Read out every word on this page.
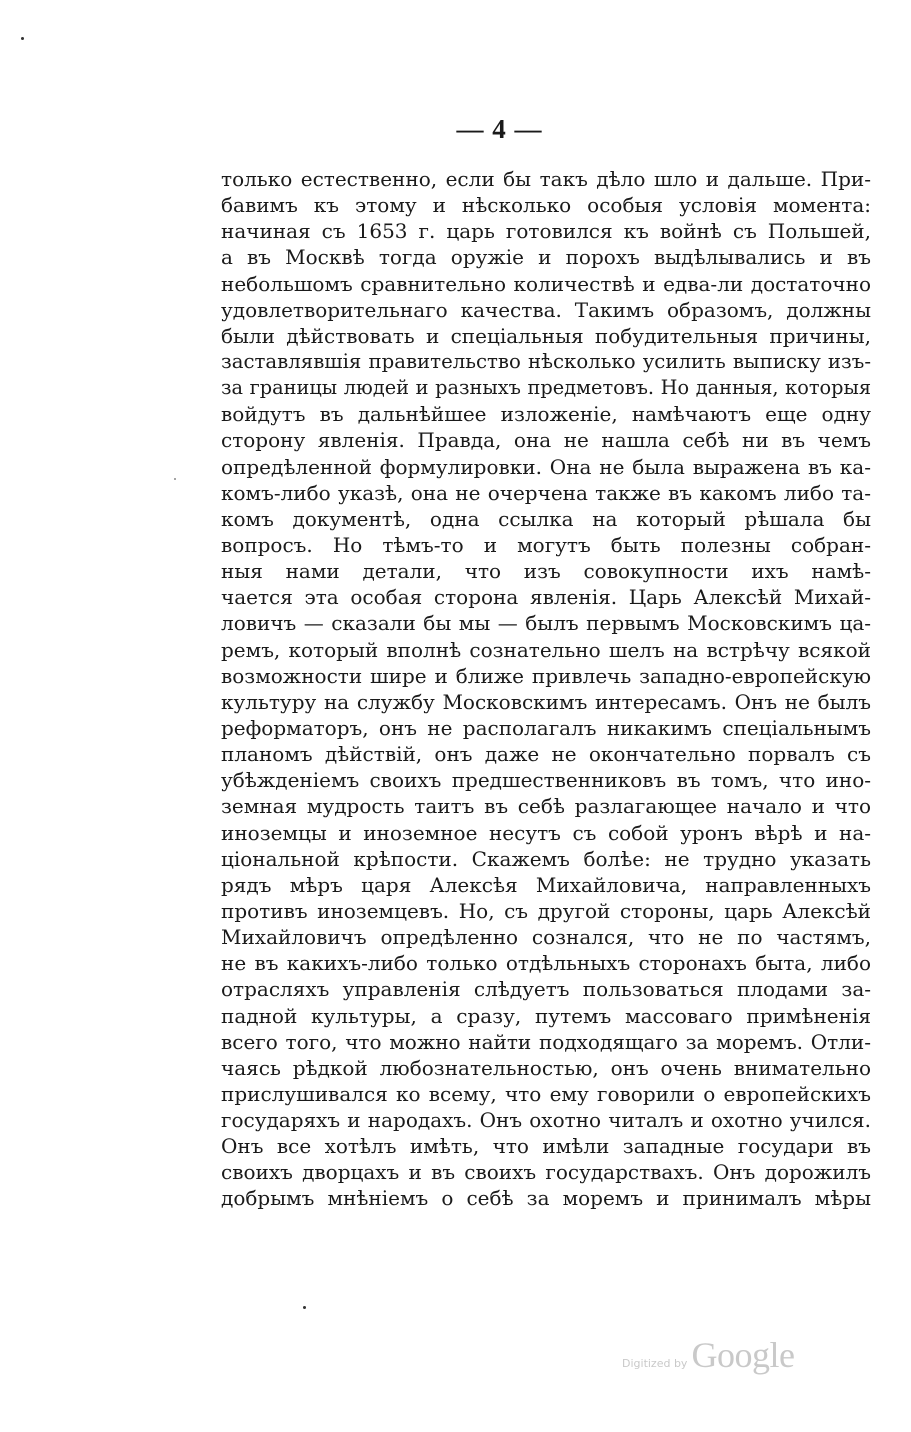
— 4 —
только естественно, если бы такъ дѣло шло и дальше. При-
бавимъ къ этому и нѣсколько особыя условія момента:
начиная съ 1653 г. царь готовился къ войнѣ съ Польшей,
а въ Москвѣ тогда оружіе и порохъ выдѣлывались и въ
небольшомъ сравнительно количествѣ и едва-ли достаточно
удовлетворительнаго качества. Такимъ образомъ, должны
были дѣйствовать и спеціальныя побудительныя причины,
заставлявшія правительство нѣсколько усилить выписку изъ-
за границы людей и разныхъ предметовъ. Но данныя, которыя
войдутъ въ дальнѣйшее изложеніе, намѣчаютъ еще одну
сторону явленія. Правда, она не нашла себѣ ни въ чемъ
опредѣленной формулировки. Она не была выражена въ ка-
комъ-либо указѣ, она не очерчена также въ какомъ либо та-
комъ документѣ, одна ссылка на который рѣшала бы
вопросъ. Но тѣмъ-то и могутъ быть полезны собран-
ныя нами детали, что изъ совокупности ихъ намѣ-
чается эта особая сторона явленія. Царь Алексѣй Михай-
ловичъ — сказали бы мы — былъ первымъ Московскимъ ца-
ремъ, который вполнѣ сознательно шелъ на встрѣчу всякой
возможности шире и ближе привлечь западно-европейскую
культуру на службу Московскимъ интересамъ. Онъ не былъ
реформаторъ, онъ не располагалъ никакимъ спеціальнымъ
планомъ дѣйствій, онъ даже не окончательно порвалъ съ
убѣжденіемъ своихъ предшественниковъ въ томъ, что ино-
земная мудрость таитъ въ себѣ разлагающее начало и что
иноземцы и иноземное несутъ съ собой уронъ вѣрѣ и на-
ціональной крѣпости. Скажемъ болѣе: не трудно указать
рядъ мѣръ царя Алексѣя Михайловича, направленныхъ
противъ иноземцевъ. Но, съ другой стороны, царь Алексѣй
Михайловичъ опредѣленно сознался, что не по частямъ,
не въ какихъ-либо только отдѣльныхъ сторонахъ быта, либо
отрасляхъ управленія слѣдуетъ пользоваться плодами за-
падной культуры, а сразу, путемъ массоваго примѣненія
всего того, что можно найти подходящаго за моремъ. Отли-
чаясь рѣдкой любознательностью, онъ очень внимательно
прислушивался ко всему, что ему говорили о европейскихъ
государяхъ и народахъ. Онъ охотно читалъ и охотно учился.
Онъ все хотѣлъ имѣть, что имѣли западные государи въ
своихъ дворцахъ и въ своихъ государствахъ. Онъ дорожилъ
добрымъ мнѣніемъ о себѣ за моремъ и принималъ мѣры
Digitized by Google
